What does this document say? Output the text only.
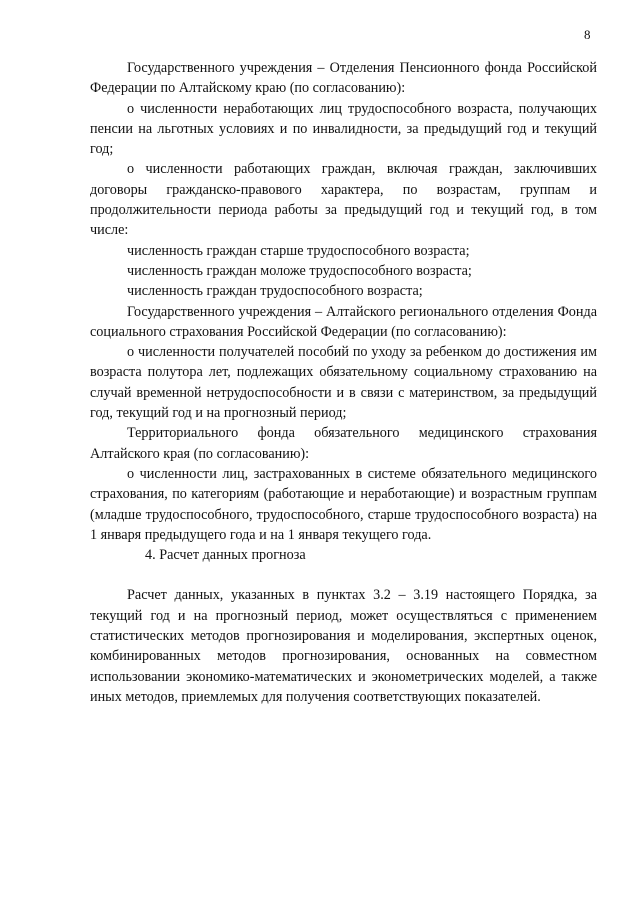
8

Государственного учреждения – Отделения Пенсионного фонда Российской Федерации по Алтайскому краю (по согласованию):

о численности неработающих лиц трудоспособного возраста, получающих пенсии на льготных условиях и по инвалидности, за предыдущий год и текущий год;

о численности работающих граждан, включая граждан, заключивших договоры гражданско-правового характера, по возрастам, группам и продолжительности периода работы за предыдущий год и текущий год, в том числе:

численность граждан старше трудоспособного возраста;

численность граждан моложе трудоспособного возраста;

численность граждан трудоспособного возраста;

Государственного учреждения – Алтайского регионального отделения Фонда социального страхования Российской Федерации (по согласованию):

о численности получателей пособий по уходу за ребенком до достижения им возраста полутора лет, подлежащих обязательному социальному страхованию на случай временной нетрудоспособности и в связи с материнством, за предыдущий год, текущий год и на прогнозный период;

Территориального фонда обязательного медицинского страхования Алтайского края (по согласованию):

о численности лиц, застрахованных в системе обязательного медицинского страхования, по категориям (работающие и неработающие) и возрастным группам (младше трудоспособного, трудоспособного, старше трудоспособного возраста) на 1 января предыдущего года и на 1 января текущего года.

4. Расчет данных прогноза

Расчет данных, указанных в пунктах 3.2 – 3.19 настоящего Порядка, за текущий год и на прогнозный период, может осуществляться с применением статистических методов прогнозирования и моделирования, экспертных оценок, комбинированных методов прогнозирования, основанных на совместном использовании экономико-математических и эконометрических моделей, а также иных методов, приемлемых для получения соответствующих показателей.
